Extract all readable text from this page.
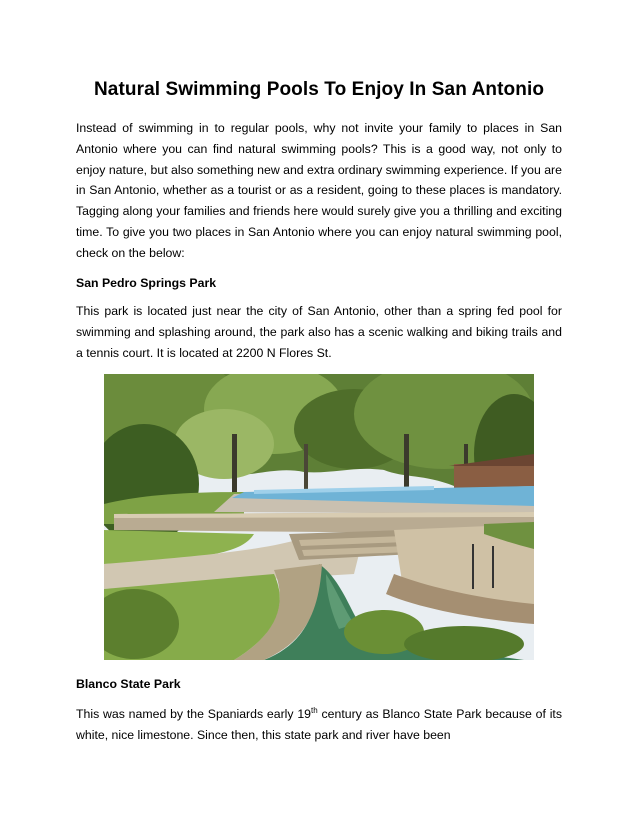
Natural Swimming Pools To Enjoy In San Antonio
Instead of swimming in to regular pools, why not invite your family to places in San Antonio where you can find natural swimming pools? This is a good way, not only to enjoy nature, but also something new and extra ordinary swimming experience. If you are in San Antonio, whether as a tourist or as a resident, going to these places is mandatory. Tagging along your families and friends here would surely give you a thrilling and exciting time. To give you two places in San Antonio where you can enjoy natural swimming pool, check on the below:
San Pedro Springs Park
This park is located just near the city of San Antonio, other than a spring fed pool for swimming and splashing around, the park also has a scenic walking and biking trails and a tennis court. It is located at 2200 N Flores St.
Blanco State Park
This was named by the Spaniards early 19th century as Blanco State Park because of its white, nice limestone. Since then, this state park and river have been
